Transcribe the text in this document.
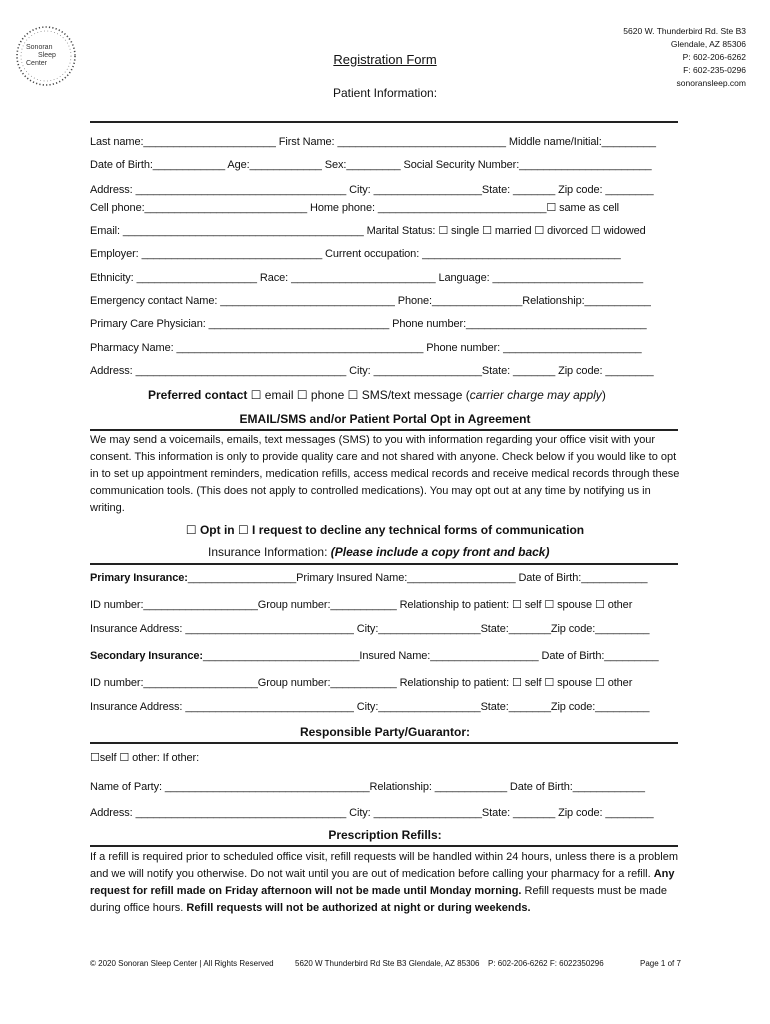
Sonoran
Sleep
Center
5620 W. Thunderbird Rd. Ste B3
Glendale, AZ 85306
P: 602-206-6262
F: 602-235-0296
sonoransleep.com
Registration Form
Patient Information:
Last name:______________________ First Name: ____________________________ Middle name/Initial:_________
Date of Birth:____________ Age:____________ Sex:_________ Social Security Number:______________________
Address: ___________________________________ City: __________________State: _______ Zip code: ________
Cell phone:___________________________ Home phone: ____________________________☐ same as cell
Email: ________________________________________ Marital Status: ☐ single ☐ married ☐ divorced ☐ widowed
Employer: ______________________________ Current occupation: _________________________________
Ethnicity: ____________________ Race: ________________________ Language: _________________________
Emergency contact Name: _____________________________ Phone:_______________Relationship:___________
Primary Care Physician: ______________________________ Phone number:______________________________
Pharmacy Name: _________________________________________ Phone number: _______________________
Address: ___________________________________ City: __________________State: _______ Zip code: ________
Preferred contact ☐ email ☐ phone ☐ SMS/text message (carrier charge may apply)
EMAIL/SMS and/or Patient Portal Opt in Agreement
We may send a voicemails, emails, text messages (SMS) to you with information regarding your office visit with your consent. This information is only to provide quality care and not shared with anyone. Check below if you would like to opt in to set up appointment reminders, medication refills, access medical records and receive medical records through these communication tools. (This does not apply to controlled medications). You may opt out at any time by notifying us in writing.
☐ Opt in ☐ I request to decline any technical forms of communication
Insurance Information: (Please include a copy front and back)
Primary Insurance:__________________Primary Insured Name:__________________ Date of Birth:___________
ID number:___________________Group number:___________ Relationship to patient: ☐ self ☐ spouse ☐ other
Insurance Address: ____________________________ City:_________________State:_______Zip code:_________
Secondary Insurance:__________________________Insured Name:__________________ Date of Birth:_________
ID number:___________________Group number:___________ Relationship to patient: ☐ self ☐ spouse ☐ other
Insurance Address: ____________________________ City:_________________State:_______Zip code:_________
Responsible Party/Guarantor:
☐self ☐ other: If other:
Name of Party: __________________________________Relationship: ____________ Date of Birth:____________
Address: ___________________________________ City: __________________State: _______ Zip code: ________
Prescription Refills:
If a refill is required prior to scheduled office visit, refill requests will be handled within 24 hours, unless there is a problem and we will notify you otherwise. Do not wait until you are out of medication before calling your pharmacy for a refill. Any request for refill made on Friday afternoon will not be made until Monday morning. Refill requests must be made during office hours. Refill requests will not be authorized at night or during weekends.
© 2020 Sonoran Sleep Center | All Rights Reserved	5620 W Thunderbird Rd Ste B3 Glendale, AZ 85306 P: 602-206-6262 F: 6022350296	Page 1 of 7
